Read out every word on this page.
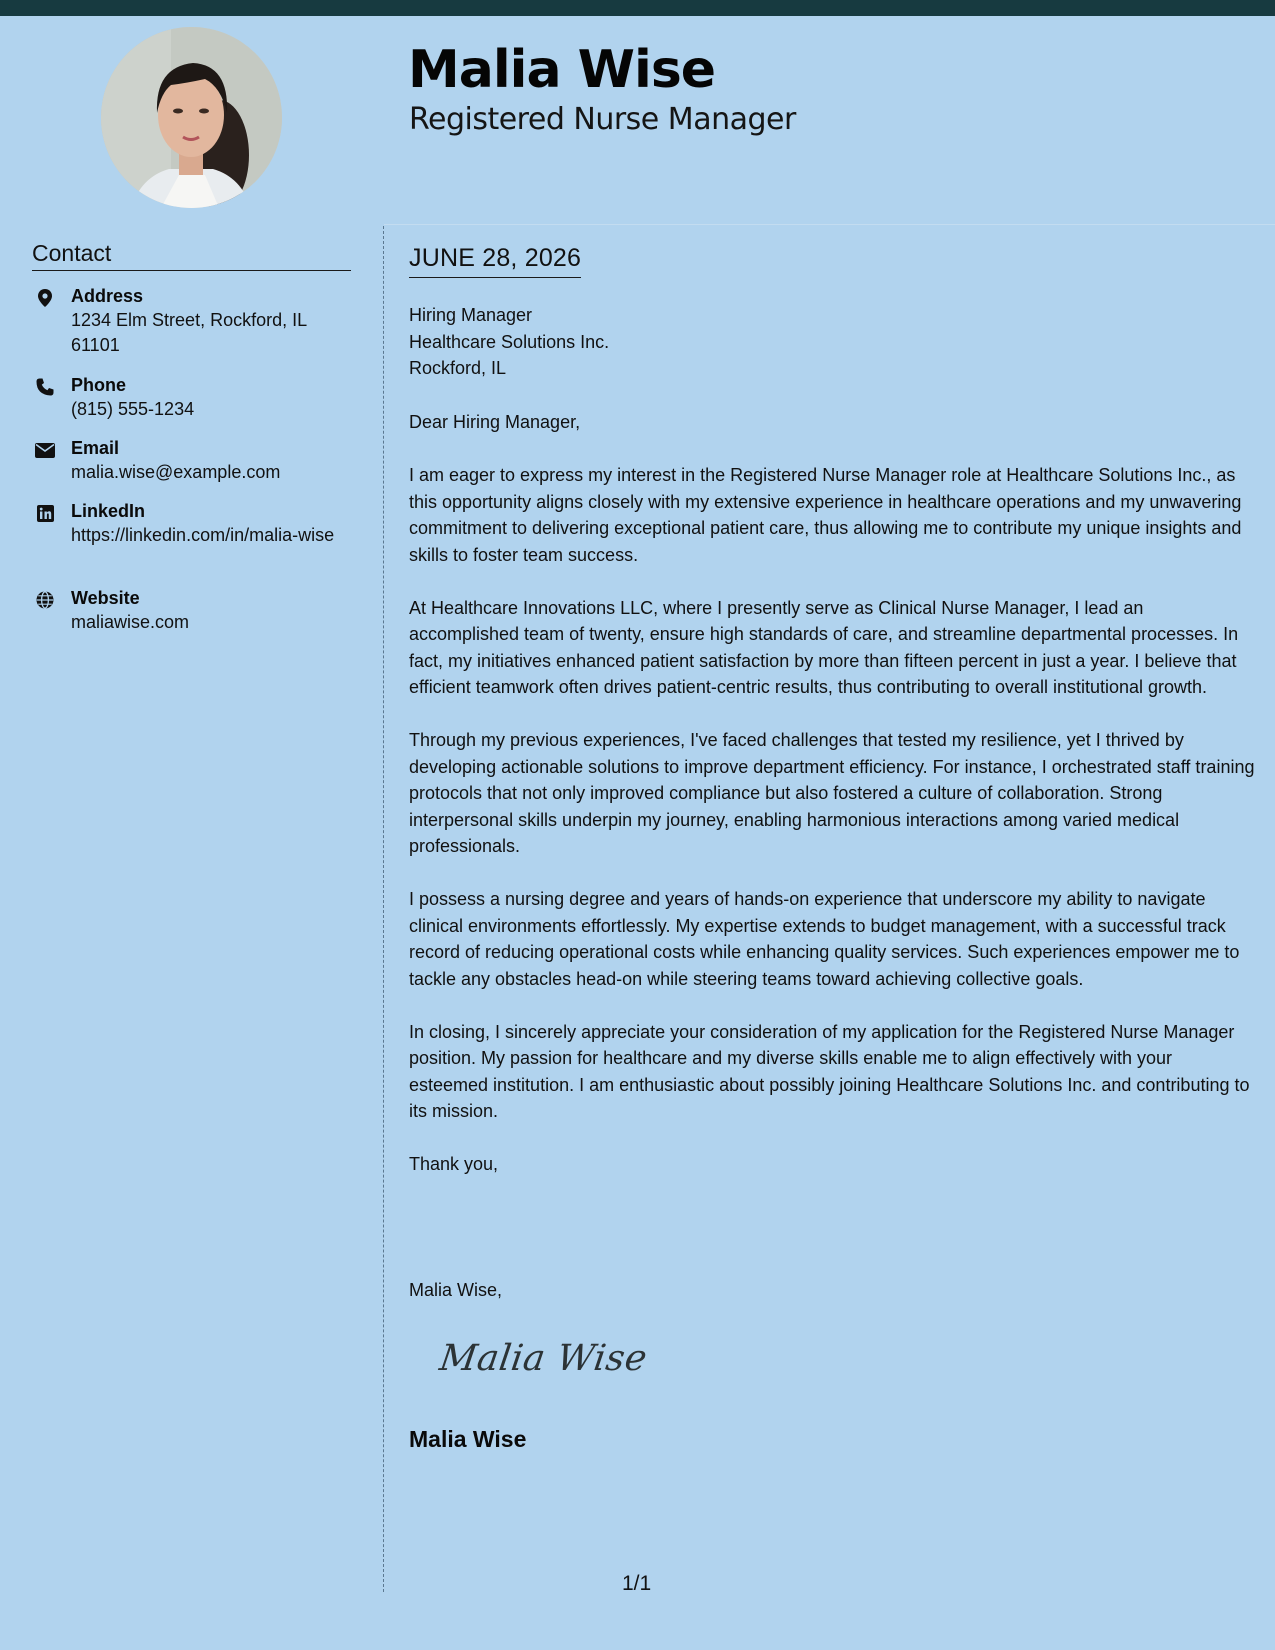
Malia Wise
Registered Nurse Manager
Contact
Address
1234 Elm Street, Rockford, IL 61101
Phone
(815) 555-1234
Email
malia.wise@example.com
LinkedIn
https://linkedin.com/in/malia-wise
Website
maliawise.com
JUNE 28, 2026
Hiring Manager
Healthcare Solutions Inc.
Rockford, IL

Dear Hiring Manager,

I am eager to express my interest in the Registered Nurse Manager role at Healthcare Solutions Inc., as this opportunity aligns closely with my extensive experience in healthcare operations and my unwavering commitment to delivering exceptional patient care, thus allowing me to contribute my unique insights and skills to foster team success.

At Healthcare Innovations LLC, where I presently serve as Clinical Nurse Manager, I lead an accomplished team of twenty, ensure high standards of care, and streamline departmental processes. In fact, my initiatives enhanced patient satisfaction by more than fifteen percent in just a year. I believe that efficient teamwork often drives patient-centric results, thus contributing to overall institutional growth.

Through my previous experiences, I've faced challenges that tested my resilience, yet I thrived by developing actionable solutions to improve department efficiency. For instance, I orchestrated staff training protocols that not only improved compliance but also fostered a culture of collaboration. Strong interpersonal skills underpin my journey, enabling harmonious interactions among varied medical professionals.

I possess a nursing degree and years of hands-on experience that underscore my ability to navigate clinical environments effortlessly. My expertise extends to budget management, with a successful track record of reducing operational costs while enhancing quality services. Such experiences empower me to tackle any obstacles head-on while steering teams toward achieving collective goals.

In closing, I sincerely appreciate your consideration of my application for the Registered Nurse Manager position. My passion for healthcare and my diverse skills enable me to align effectively with your esteemed institution. I am enthusiastic about possibly joining Healthcare Solutions Inc. and contributing to its mission.

Thank you,

Malia Wise,
Malia Wise
Malia Wise
1/1
